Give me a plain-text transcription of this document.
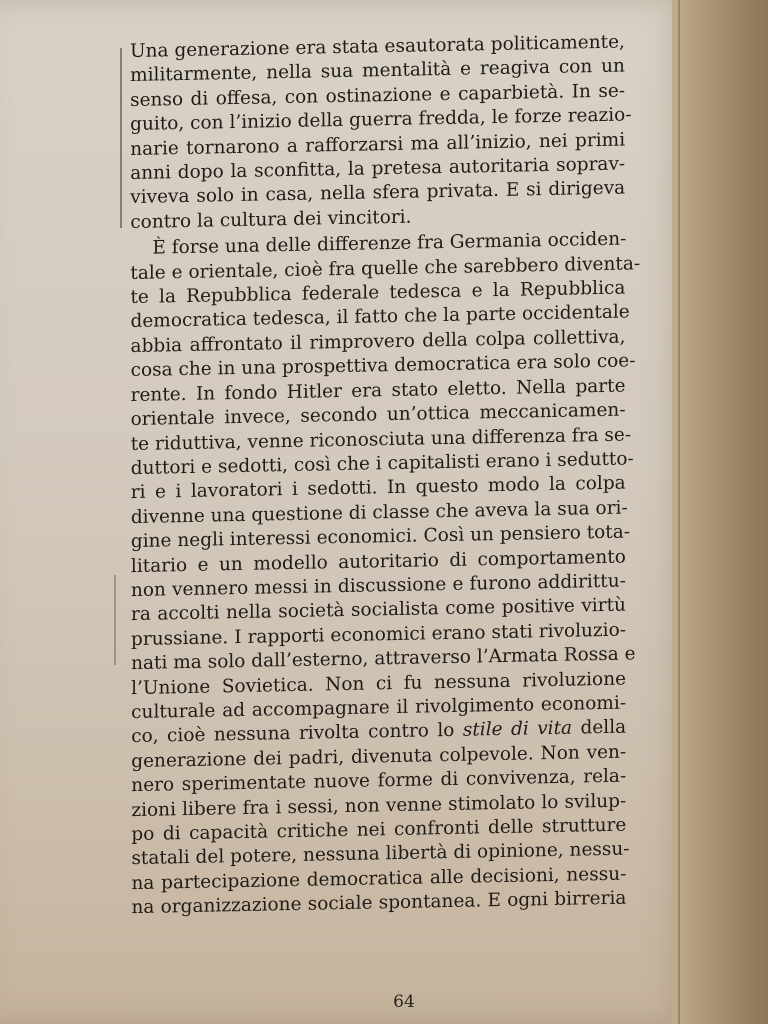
Una generazione era stata esautorata politicamente,
militarmente, nella sua mentalità e reagiva con un
senso di offesa, con ostinazione e caparbietà. In se-
guito, con l’inizio della guerra fredda, le forze reazio-
narie tornarono a rafforzarsi ma all’inizio, nei primi
anni dopo la sconfitta, la pretesa autoritaria soprav-
viveva solo in casa, nella sfera privata. E si dirigeva
contro la cultura dei vincitori.
È forse una delle differenze fra Germania occiden-
tale e orientale, cioè fra quelle che sarebbero diventa-
te la Repubblica federale tedesca e la Repubblica
democratica tedesca, il fatto che la parte occidentale
abbia affrontato il rimprovero della colpa collettiva,
cosa che in una prospettiva democratica era solo coe-
rente. In fondo Hitler era stato eletto. Nella parte
orientale invece, secondo un’ottica meccanicamen-
te riduttiva, venne riconosciuta una differenza fra se-
duttori e sedotti, così che i capitalisti erano i sedutto-
ri e i lavoratori i sedotti. In questo modo la colpa
divenne una questione di classe che aveva la sua ori-
gine negli interessi economici. Così un pensiero tota-
litario e un modello autoritario di comportamento
non vennero messi in discussione e furono addirittu-
ra accolti nella società socialista come positive virtù
prussiane. I rapporti economici erano stati rivoluzio-
nati ma solo dall’esterno, attraverso l’Armata Rossa e
l’Unione Sovietica. Non ci fu nessuna rivoluzione
culturale ad accompagnare il rivolgimento economi-
co, cioè nessuna rivolta contro lo stile di vita della
generazione dei padri, divenuta colpevole. Non ven-
nero sperimentate nuove forme di convivenza, rela-
zioni libere fra i sessi, non venne stimolato lo svilup-
po di capacità critiche nei confronti delle strutture
statali del potere, nessuna libertà di opinione, nessu-
na partecipazione democratica alle decisioni, nessu-
na organizzazione sociale spontanea. E ogni birreria
64
